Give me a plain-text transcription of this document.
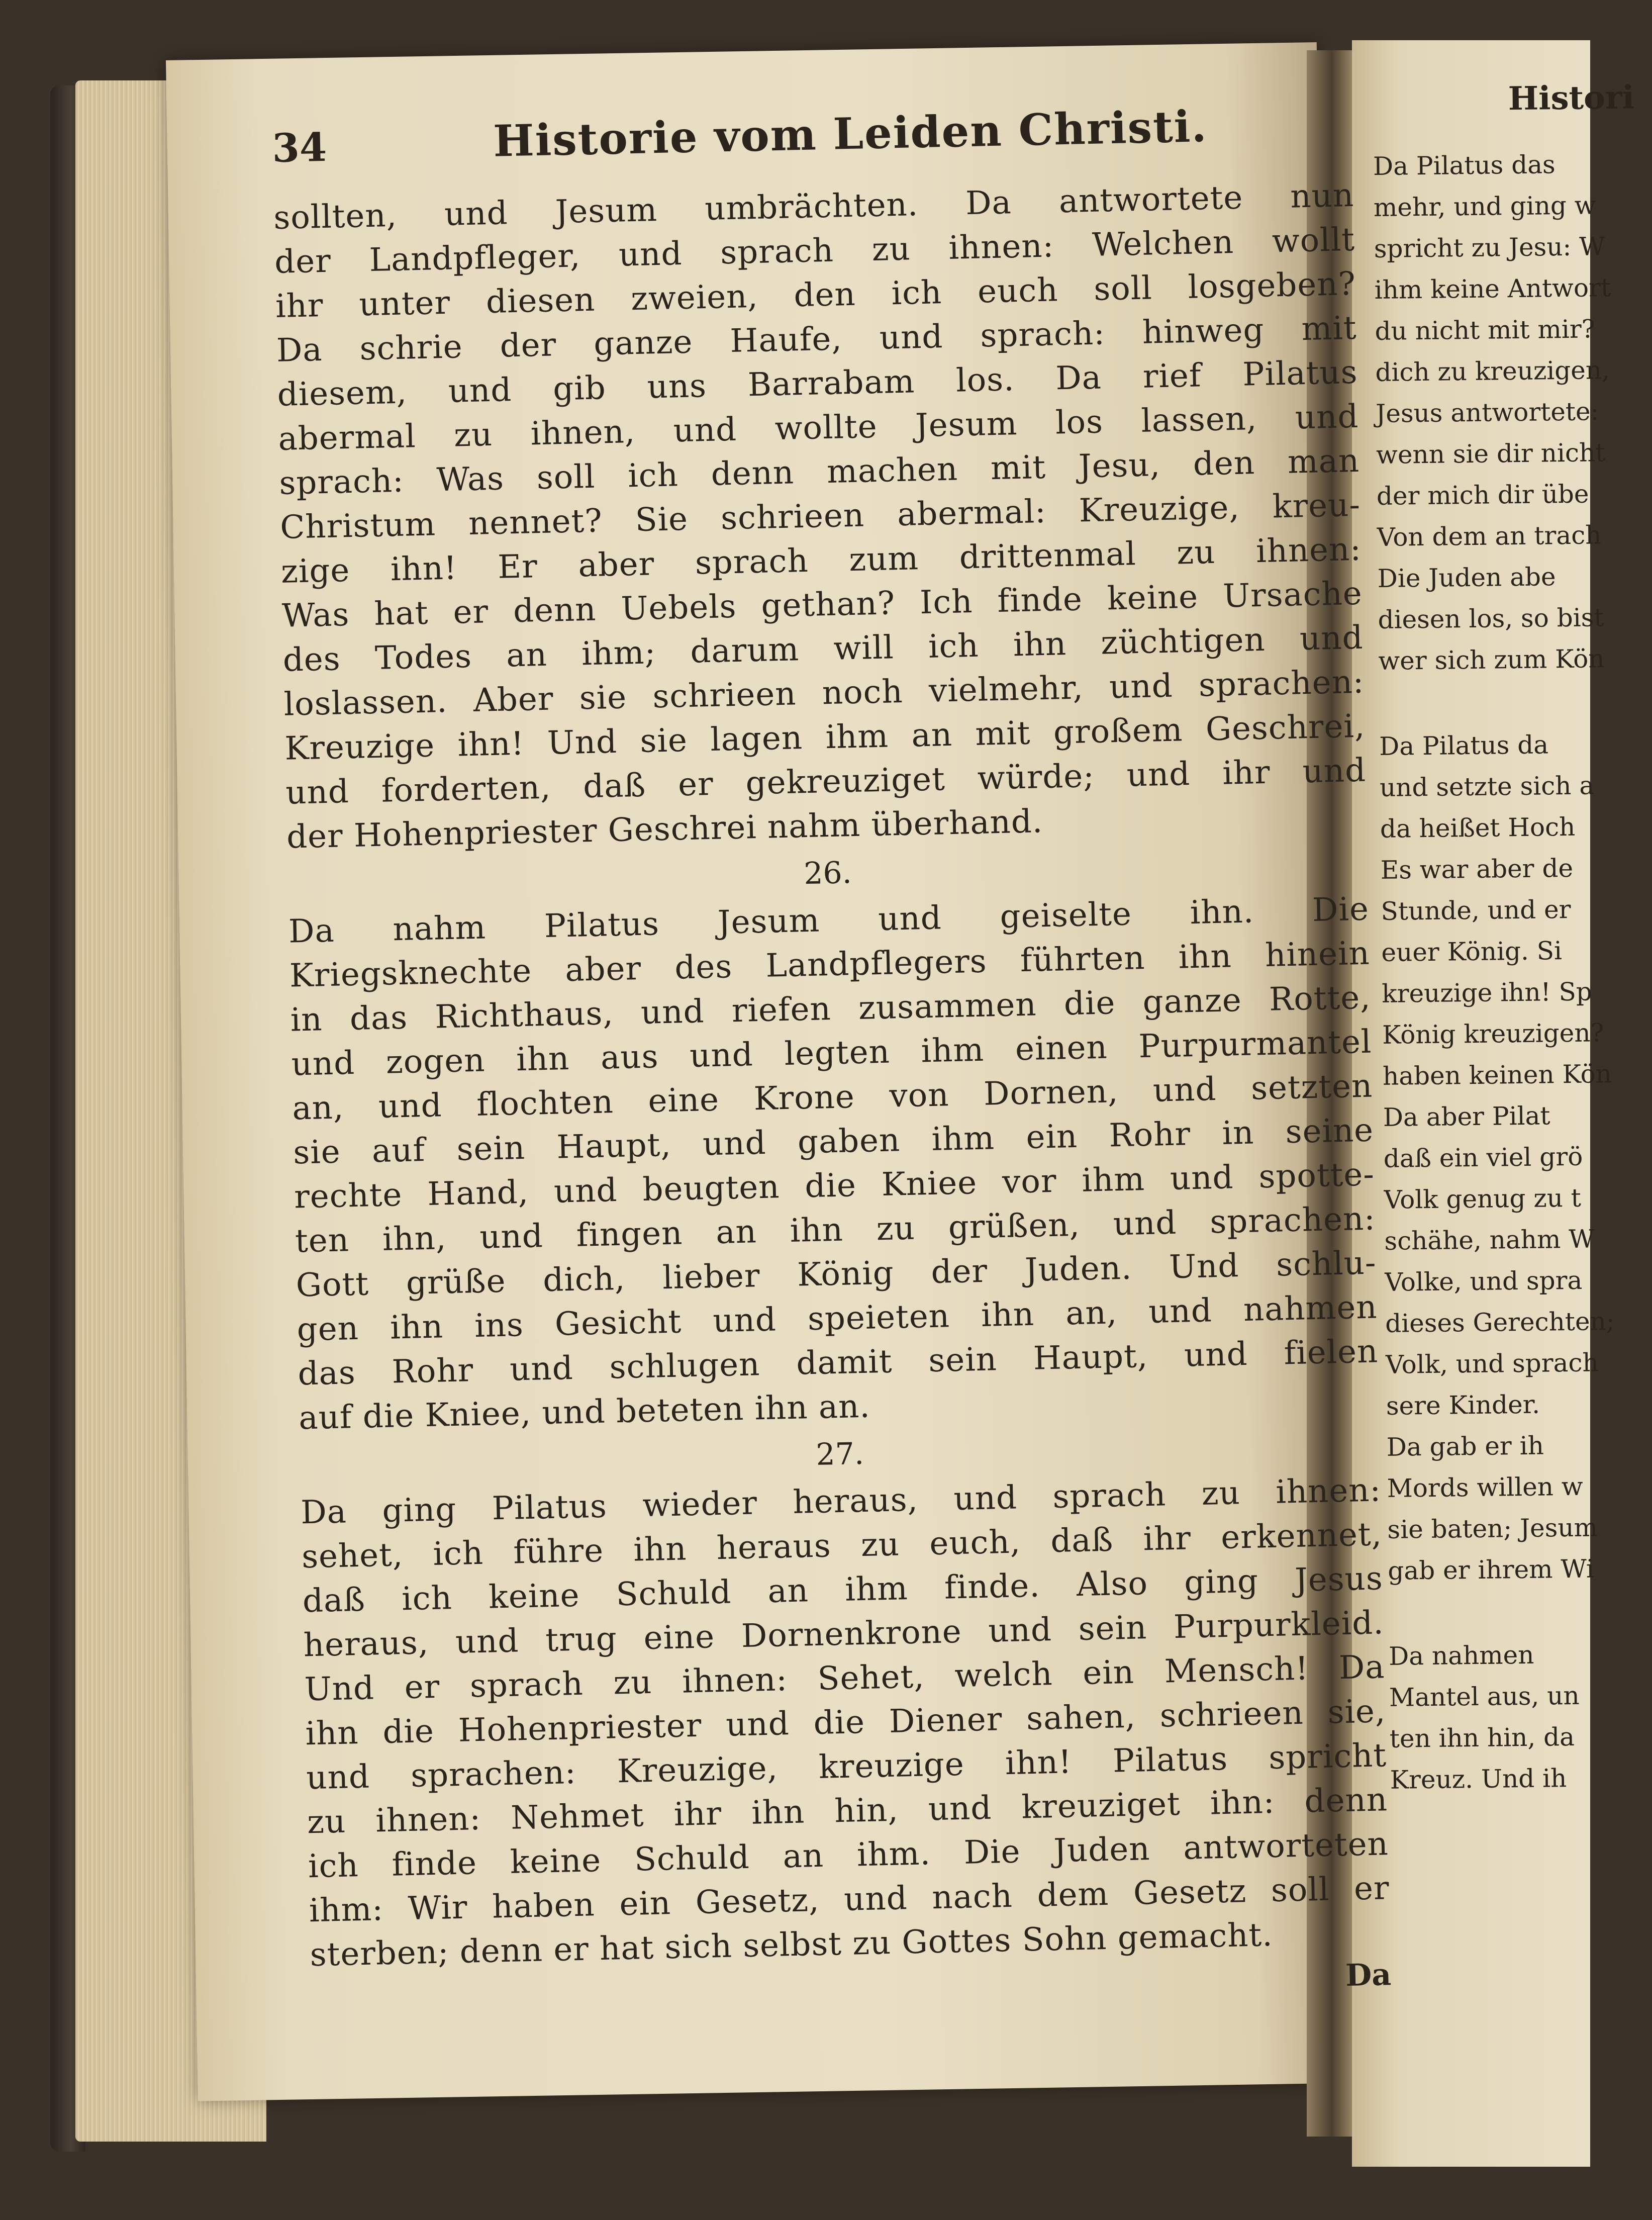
34	Historie vom Leiden Christi.
sollten, und Jesum umbrächten. Da antwortete nun
der Landpfleger, und sprach zu ihnen: Welchen wollt
ihr unter diesen zweien, den ich euch soll losgeben?
Da schrie der ganze Haufe, und sprach: hinweg mit
diesem, und gib uns Barrabam los. Da rief Pilatus
abermal zu ihnen, und wollte Jesum los lassen, und
sprach: Was soll ich denn machen mit Jesu, den man
Christum nennet? Sie schrieen abermal: Kreuzige, kreu-
zige ihn! Er aber sprach zum drittenmal zu ihnen:
Was hat er denn Uebels gethan? Ich finde keine Ursache
des Todes an ihm; darum will ich ihn züchtigen und
loslassen. Aber sie schrieen noch vielmehr, und sprachen:
Kreuzige ihn! Und sie lagen ihm an mit großem Geschrei,
und forderten, daß er gekreuziget würde; und ihr und
der Hohenpriester Geschrei nahm überhand.
26.
Da nahm Pilatus Jesum und geiselte ihn. Die
Kriegsknechte aber des Landpflegers führten ihn hinein
in das Richthaus, und riefen zusammen die ganze Rotte,
und zogen ihn aus und legten ihm einen Purpurmantel
an, und flochten eine Krone von Dornen, und setzten
sie auf sein Haupt, und gaben ihm ein Rohr in seine
rechte Hand, und beugten die Kniee vor ihm und spotte-
ten ihn, und fingen an ihn zu grüßen, und sprachen:
Gott grüße dich, lieber König der Juden. Und schlu-
gen ihn ins Gesicht und speieten ihn an, und nahmen
das Rohr und schlugen damit sein Haupt, und fielen
auf die Kniee, und beteten ihn an.
27.
Da ging Pilatus wieder heraus, und sprach zu ihnen:
sehet, ich führe ihn heraus zu euch, daß ihr erkennet,
daß ich keine Schuld an ihm finde. Also ging Jesus
heraus, und trug eine Dornenkrone und sein Purpurkleid.
Und er sprach zu ihnen: Sehet, welch ein Mensch! Da
ihn die Hohenpriester und die Diener sahen, schrieen sie,
und sprachen: Kreuzige, kreuzige ihn! Pilatus spricht
zu ihnen: Nehmet ihr ihn hin, und kreuziget ihn: denn
ich finde keine Schuld an ihm. Die Juden antworteten
ihm: Wir haben ein Gesetz, und nach dem Gesetz soll er
sterben; denn er hat sich selbst zu Gottes Sohn gemacht.
Da
Histori
Da Pilatus das
mehr, und ging w
spricht zu Jesu: W
ihm keine Antwort
du nicht mit mir?
dich zu kreuzigen,
Jesus antwortete:
wenn sie dir nicht
der mich dir übe
Von dem an trach
Die Juden abe
diesen los, so bist
wer sich zum Kön
Da Pilatus da
und setzte sich a
da heißet Hoch
Es war aber de
Stunde, und er
euer König. Si
kreuzige ihn! Sp
König kreuzigen?
haben keinen Kön
Da aber Pilat
daß ein viel grö
Volk genug zu t
schähe, nahm W
Volke, und spra
dieses Gerechten;
Volk, und sprach
sere Kinder.
Da gab er ih
Mords willen w
sie baten; Jesum
gab er ihrem Wi
Da nahmen
Mantel aus, un
ten ihn hin, da
Kreuz. Und ih
